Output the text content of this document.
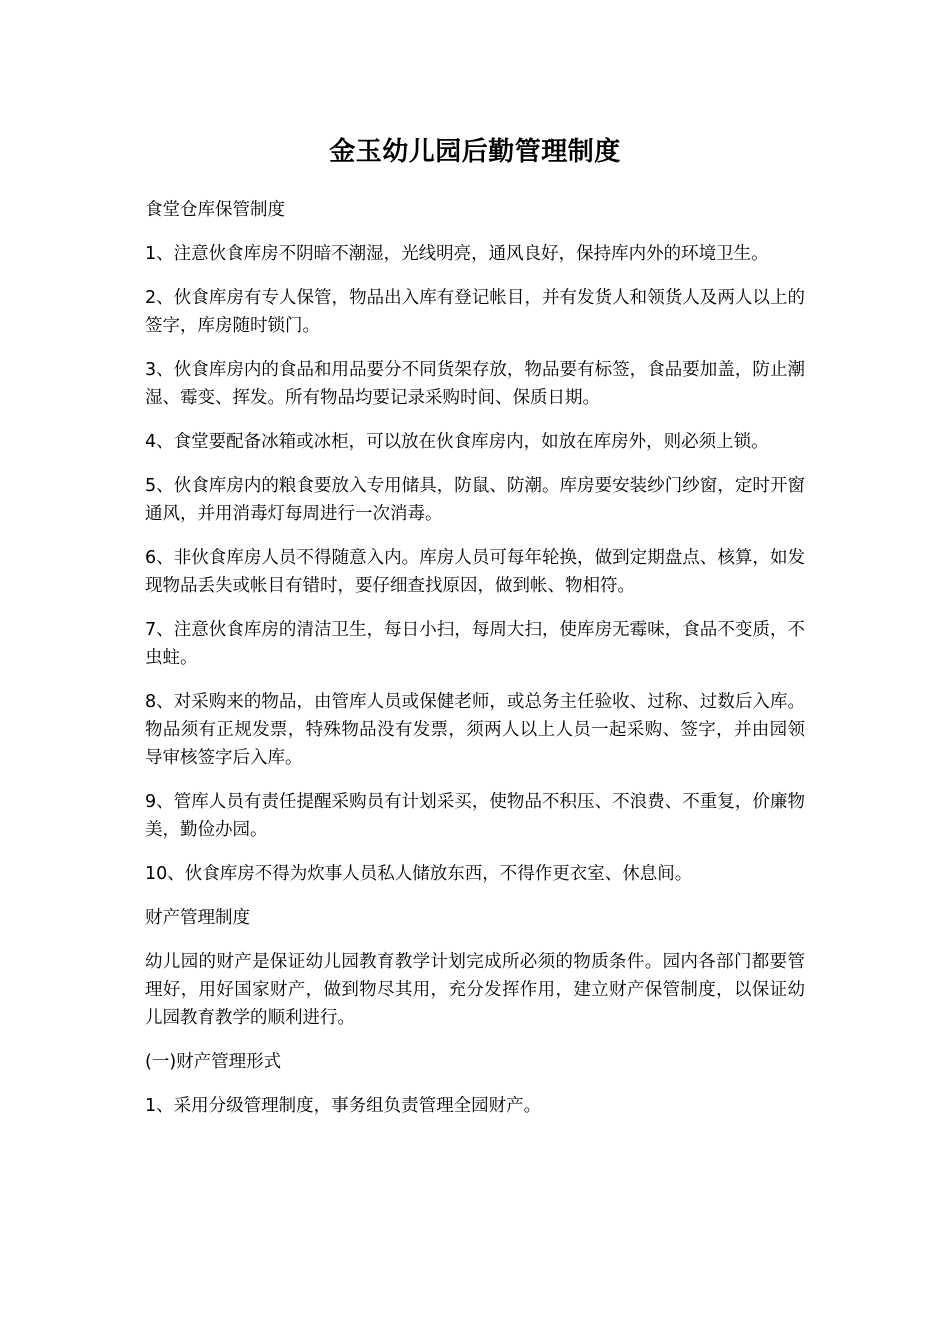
金玉幼儿园后勤管理制度

食堂仓库保管制度

1、注意伙食库房不阴暗不潮湿，光线明亮，通风良好，保持库内外的环境卫生。

2、伙食库房有专人保管，物品出入库有登记帐目，并有发货人和领货人及两人以上的签字，库房随时锁门。

3、伙食库房内的食品和用品要分不同货架存放，物品要有标签，食品要加盖，防止潮湿、霉变、挥发。所有物品均要记录采购时间、保质日期。

4、食堂要配备冰箱或冰柜，可以放在伙食库房内，如放在库房外，则必须上锁。

5、伙食库房内的粮食要放入专用储具，防鼠、防潮。库房要安装纱门纱窗，定时开窗通风，并用消毒灯每周进行一次消毒。

6、非伙食库房人员不得随意入内。库房人员可每年轮换，做到定期盘点、核算，如发现物品丢失或帐目有错时，要仔细查找原因，做到帐、物相符。

7、注意伙食库房的清洁卫生，每日小扫，每周大扫，使库房无霉味，食品不变质，不虫蛀。

8、对采购来的物品，由管库人员或保健老师，或总务主任验收、过称、过数后入库。物品须有正规发票，特殊物品没有发票，须两人以上人员一起采购、签字，并由园领导审核签字后入库。

9、管库人员有责任提醒采购员有计划采买，使物品不积压、不浪费、不重复，价廉物美，勤俭办园。

10、伙食库房不得为炊事人员私人储放东西，不得作更衣室、休息间。

财产管理制度

幼儿园的财产是保证幼儿园教育教学计划完成所必须的物质条件。园内各部门都要管理好，用好国家财产，做到物尽其用，充分发挥作用，建立财产保管制度，以保证幼儿园教育教学的顺利进行。

(一)财产管理形式

1、采用分级管理制度，事务组负责管理全园财产。
